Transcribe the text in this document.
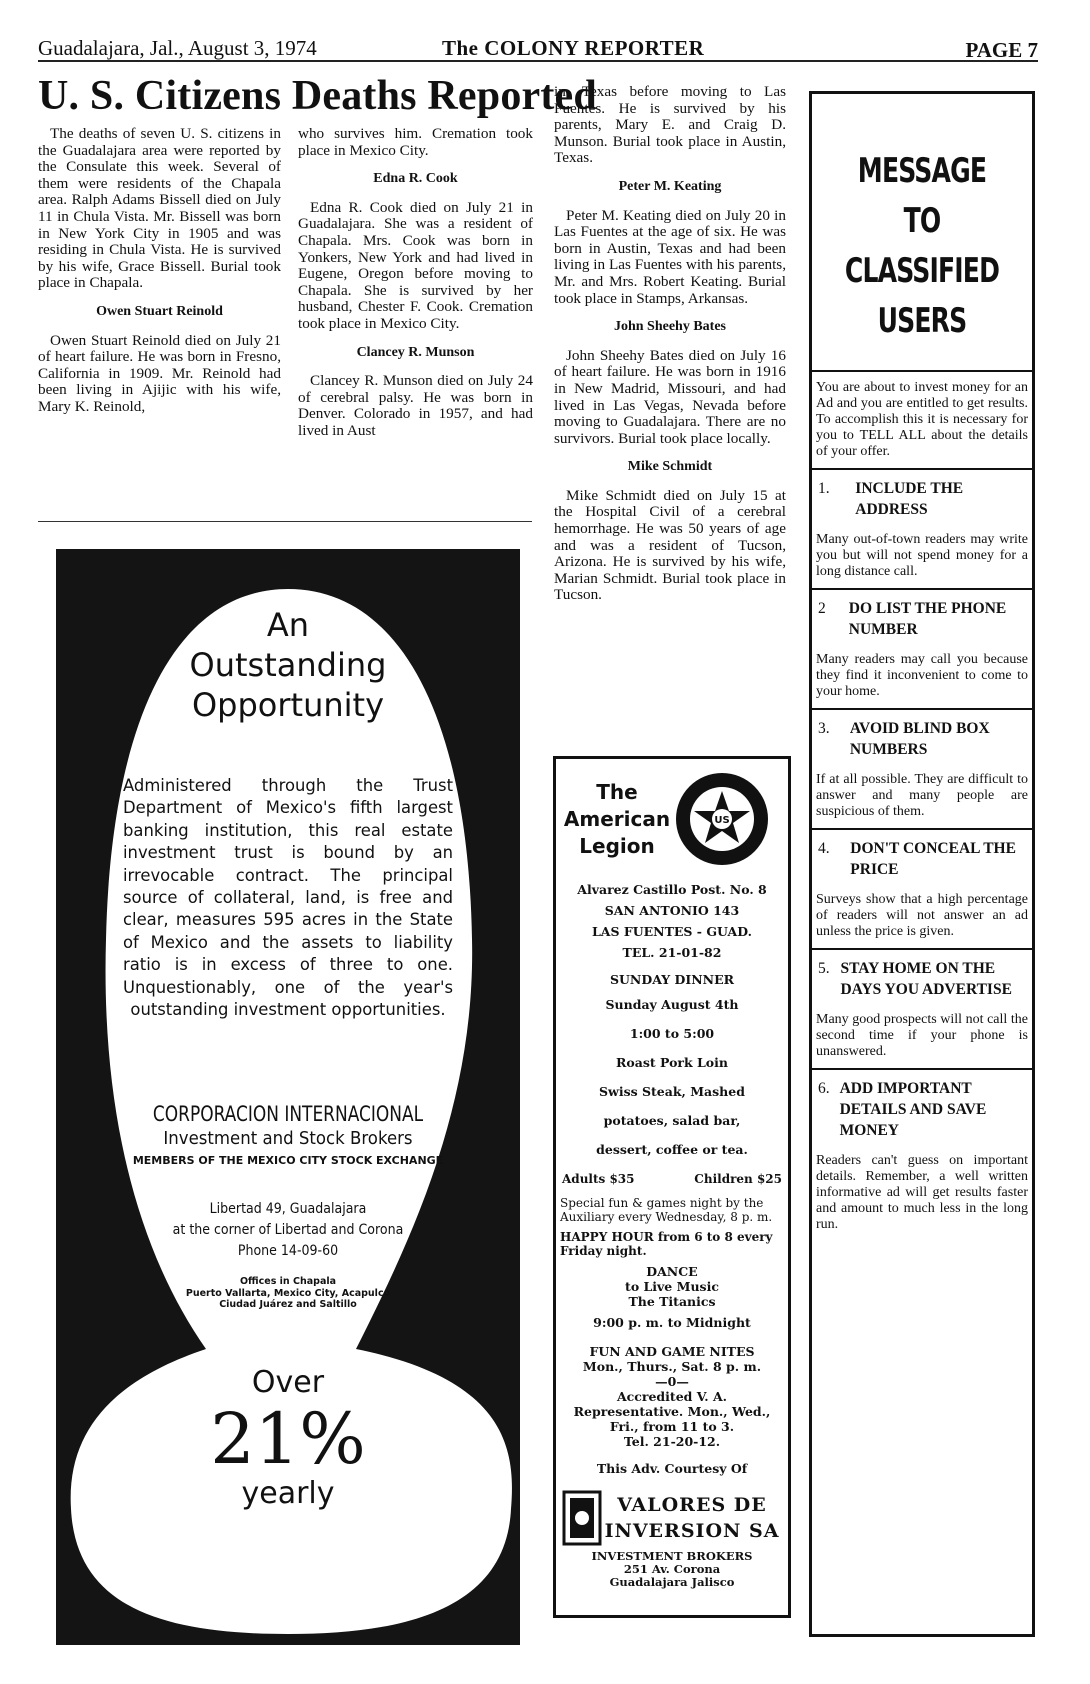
Guadalajara, Jal., August 3, 1974	The COLONY REPORTER	PAGE 7
U. S. Citizens Deaths Reported

The deaths of seven U. S. citizens in the Guadalajara area were reported by the Consulate this week. Several of them were residents of the Chapala area. Ralph Adams Bissell died on July 11 in Chula Vista. Mr. Bissell was born in New York City in 1905 and was residing in Chula Vista. He is survived by his wife, Grace Bissell. Burial took place in Chapala.

Owen Stuart Reinold

Owen Stuart Reinold died on July 21 of heart failure. He was born in Fresno, California in 1909. Mr. Reinold had been living in Ajijic with his wife, Mary K. Reinold,

who survives him. Cremation took place in Mexico City.

Edna R. Cook

Edna R. Cook died on July 21 in Guadalajara. She was a resident of Chapala. Mrs. Cook was born in Yonkers, New York and had lived in Eugene, Oregon before moving to Chapala. She is survived by her husband, Chester F. Cook. Cremation took place in Mexico City.

Clancey R. Munson

Clancey R. Munson died on July 24 of cerebral palsy. He was born in Denver. Colorado in 1957, and had lived in Aust

in, Texas before moving to Las Fuentes. He is survived by his parents, Mary E. and Craig D. Munson. Burial took place in Austin, Texas.

Peter M. Keating

Peter M. Keating died on July 20 in Las Fuentes at the age of six. He was born in Austin, Texas and had been living in Las Fuentes with his parents, Mr. and Mrs. Robert Keating. Burial took place in Stamps, Arkansas.

John Sheehy Bates

John Sheehy Bates died on July 16 of heart failure. He was born in 1916 in New Madrid, Missouri, and had lived in Las Vegas, Nevada before moving to Guadalajara. There are no survivors. Burial took place locally.

Mike Schmidt

Mike Schmidt died on July 15 at the Hospital Civil of a cerebral hemorrhage. He was 50 years of age and was a resident of Tucson, Arizona. He is survived by his wife, Marian Schmidt. Burial took place in Tucson.

An
Outstanding
Opportunity
Administered through the Trust Department of Mexico's fifth largest banking institution, this real estate investment trust is bound by an irrevocable contract. The principal source of collateral, land, is free and clear, measures 595 acres in the State of Mexico and the assets to liability ratio is in excess of three to one. Unquestionably, one of the year's outstanding investment opportunities.
CORPORACION INTERNACIONAL
Investment and Stock Brokers
MEMBERS OF THE MEXICO CITY STOCK EXCHANGE
Libertad 49, Guadalajara
at the corner of Libertad and Corona
Phone 14-09-60
Offices in Chapala
Puerto Vallarta, Mexico City, Acapulco
Ciudad Juárez and Saltillo
Over
21%
yearly
The
American
Legion
US
Alvarez Castillo Post. No. 8
SAN ANTONIO 143
LAS FUENTES - GUAD.
TEL. 21-01-82
SUNDAY DINNER
Sunday August 4th
1:00 to 5:00
Roast Pork Loin
Swiss Steak, Mashed
potatoes, salad bar,
dessert, coffee or tea.
Adults $35	Children $25
Special fun & games night by the Auxiliary every Wednesday, 8 p. m.
HAPPY HOUR from 6 to 8 every Friday night.
DANCE
to Live Music
The Titanics
9:00 p. m. to Midnight
FUN AND GAME NITES
Mon., Thurs., Sat. 8 p. m.
—0—
Accredited V. A.
Representative. Mon., Wed.,
Fri., from 11 to 3.
Tel. 21-20-12.
This Adv. Courtesy Of
VALORES DE
INVERSION SA
INVESTMENT BROKERS
251 Av. Corona
Guadalajara Jalisco
MESSAGE
TO
CLASSIFIED
USERS
You are about to invest money for an Ad and you are entitled to get results. To accomplish this it is necessary for you to TELL ALL about the details of your offer.
1.	INCLUDE THE ADDRESS
Many out-of-town readers may write you but will not spend money for a long distance call.
2	DO LIST THE PHONE NUMBER
Many readers may call you because they find it inconvenient to come to your home.
3.	AVOID BLIND BOX NUMBERS
If at all possible. They are difficult to answer and many people are suspicious of them.
4.	DON'T CONCEAL THE PRICE
Surveys show that a high percentage of readers will not answer an ad unless the price is given.
5. STAY HOME ON THE DAYS YOU ADVERTISE
Many good prospects will not call the second time if your phone is unanswered.
6. ADD IMPORTANT DETAILS AND SAVE MONEY
Readers can't guess on important details. Remember, a well written informative ad will get results faster and amount to much less in the long run.
